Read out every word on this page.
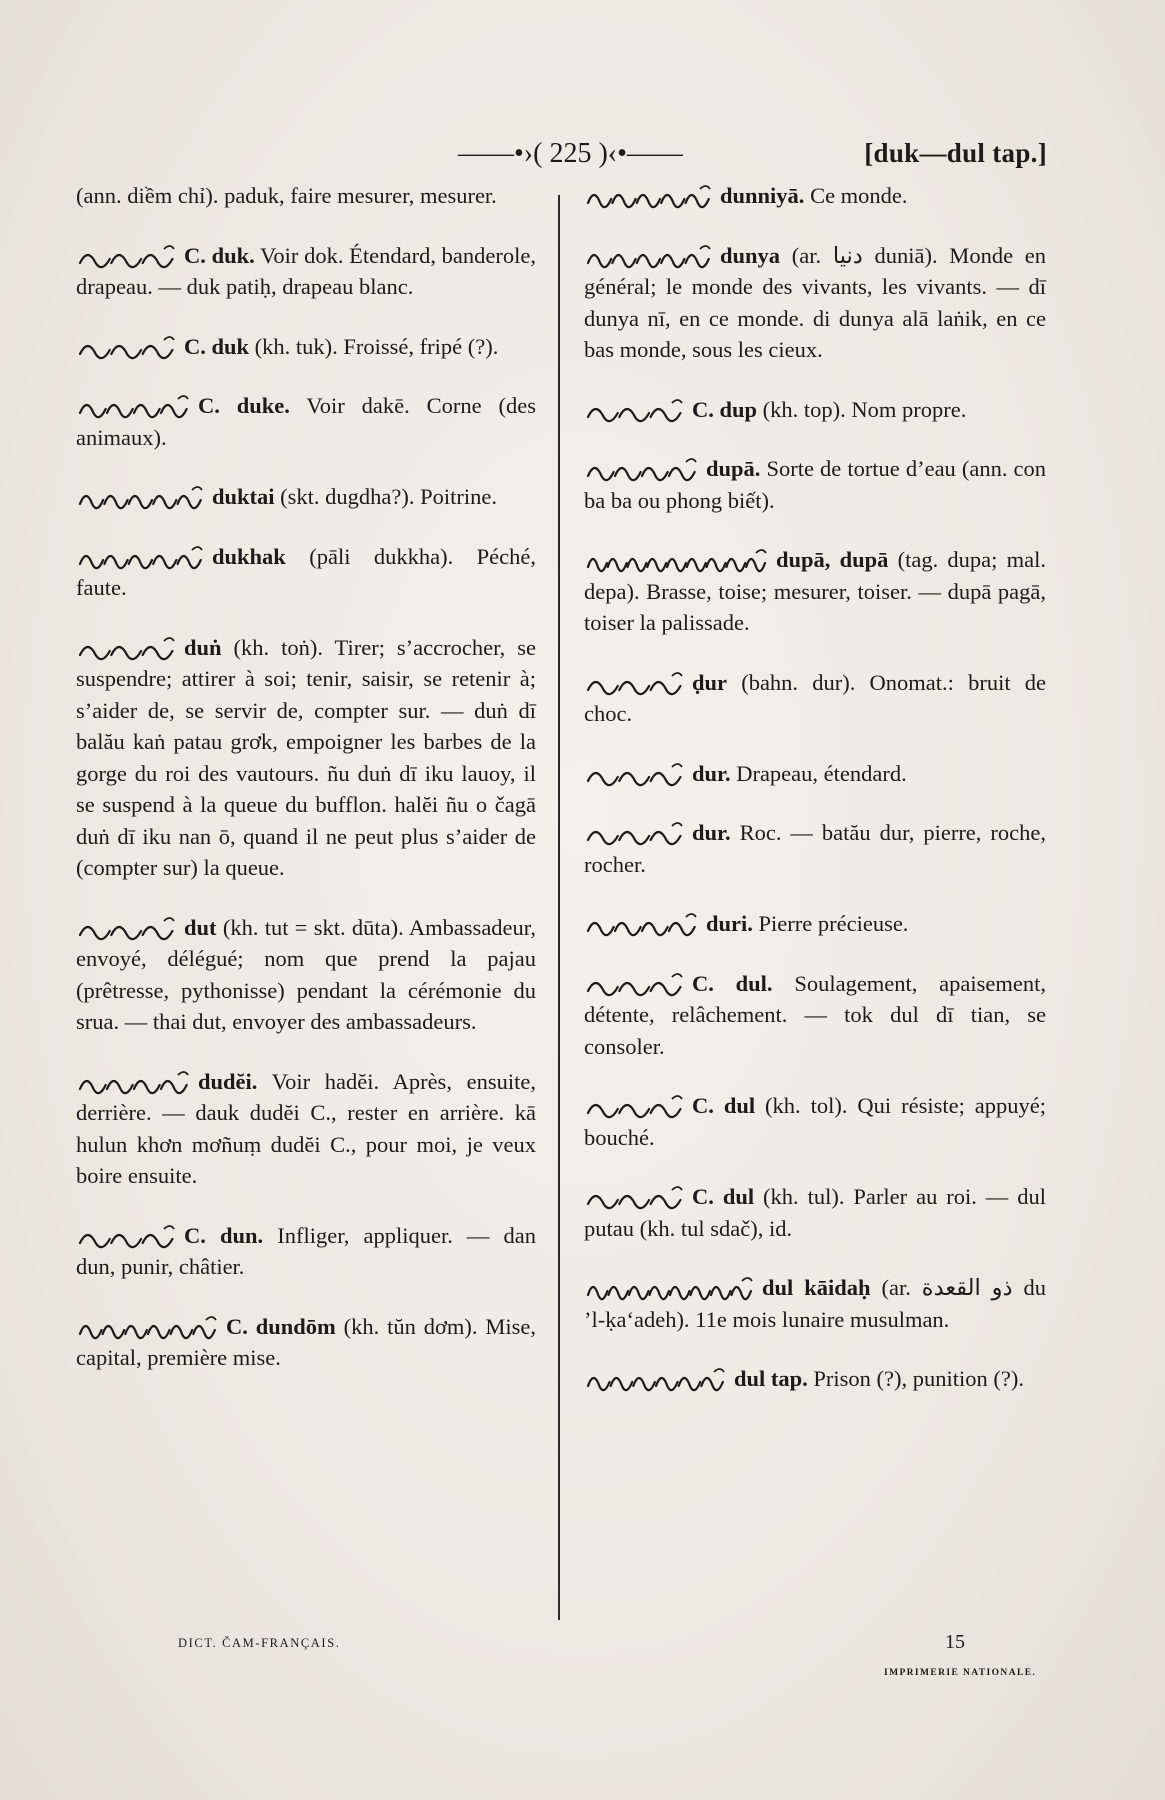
——•›( 225 )‹•——	[duk—dul tap.]
(ann. diềm chỉ). paduk, faire mesurer, mesurer.
C. duk. Voir dok. Étendard, banderole, drapeau. — duk patiḥ, drapeau blanc.
C. duk (kh. tuk). Froissé, fripé (?).
C. duke. Voir dakē. Corne (des animaux).
duktai (skt. dugdha?). Poitrine.
dukhak (pāli dukkha). Péché, faute.
duṅ (kh. toṅ). Tirer; s’accrocher, se suspendre; attirer à soi; tenir, saisir, se retenir à; s’aider de, se servir de, compter sur. — duṅ dī balău kaṅ patau grơk, empoigner les barbes de la gorge du roi des vautours. ñu duṅ dī iku lauoy, il se suspend à la queue du bufflon. halĕi ñu o čagā duṅ dī iku nan ō, quand il ne peut plus s’aider de (compter sur) la queue.
dut (kh. tut = skt. dūta). Ambassadeur, envoyé, délégué; nom que prend la pajau (prêtresse, pythonisse) pendant la cérémonie du srua. — thai dut, envoyer des ambassadeurs.
dudĕi. Voir hadĕi. Après, ensuite, derrière. — dauk dudĕi C., rester en arrière. kā hulun khơn mơñuṃ dudĕi C., pour moi, je veux boire ensuite.
C. dun. Infliger, appliquer. — dan dun, punir, châtier.
C. dundōm (kh. tŭn dơm). Mise, capital, première mise.
dunniyā. Ce monde.
dunya (ar. دنيا duniā). Monde en général; le monde des vivants, les vivants. — dī dunya nī, en ce monde. di dunya alā laṅik, en ce bas monde, sous les cieux.
C. dup (kh. top). Nom propre.
dupā. Sorte de tortue d’eau (ann. con ba ba ou phong biết).
dupā, dupā (tag. dupa; mal. depa). Brasse, toise; mesurer, toiser. — dupā pagā, toiser la palissade.
ḍur (bahn. dur). Onomat.: bruit de choc.
dur. Drapeau, étendard.
dur. Roc. — batău dur, pierre, roche, rocher.
duri. Pierre précieuse.
C. dul. Soulagement, apaisement, détente, relâchement. — tok dul dī tian, se consoler.
C. dul (kh. tol). Qui résiste; appuyé; bouché.
C. dul (kh. tul). Parler au roi. — dul putau (kh. tul sdač), id.
dul kāidaḥ (ar. ذو القعدة du ’l-ḳa‘adeh). 11e mois lunaire musulman.
dul tap. Prison (?), punition (?).
DICT. ČAM-FRANÇAIS.	15
IMPRIMERIE NATIONALE.
